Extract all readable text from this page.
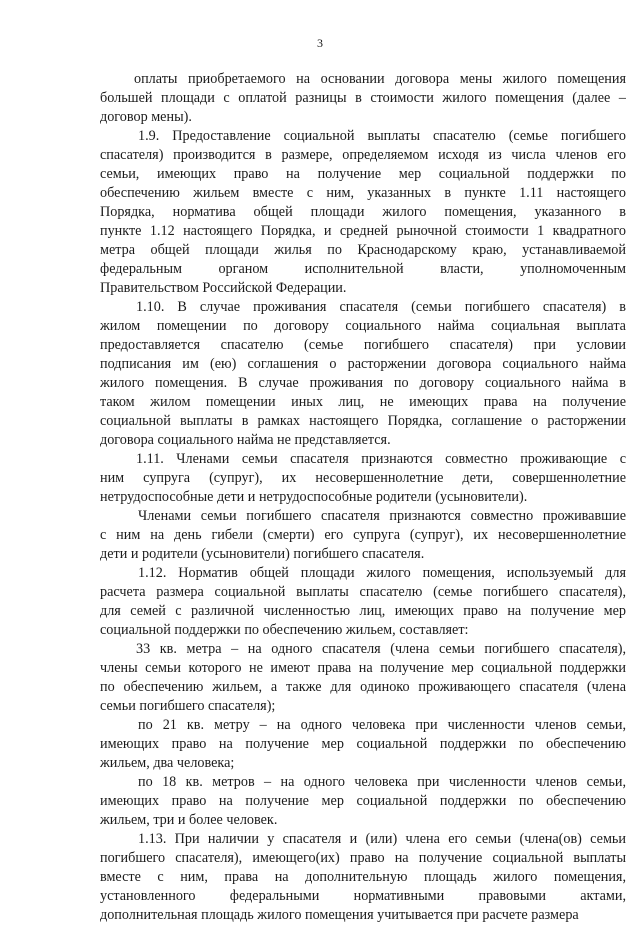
3
оплаты приобретаемого на основании договора мены жилого помещения
большей площади с оплатой разницы в стоимости жилого помещения (далее –
договор мены).
1.9. Предоставление социальной выплаты спасателю (семье погибшего
спасателя) производится в размере, определяемом исходя из числа членов его
семьи, имеющих право на получение мер социальной поддержки по
обеспечению жильем вместе с ним, указанных в пункте 1.11 настоящего
Порядка, норматива общей площади жилого помещения, указанного в
пункте 1.12 настоящего Порядка, и средней рыночной стоимости 1 квадратного
метра общей площади жилья по Краснодарскому краю, устанавливаемой
федеральным органом исполнительной власти, уполномоченным
Правительством Российской Федерации.
1.10. В случае проживания спасателя (семьи погибшего спасателя) в
жилом помещении по договору социального найма социальная выплата
предоставляется спасателю (семье погибшего спасателя) при условии
подписания им (ею) соглашения о расторжении договора социального найма
жилого помещения. В случае проживания по договору социального найма в
таком жилом помещении иных лиц, не имеющих права на получение
социальной выплаты в рамках настоящего Порядка, соглашение о расторжении
договора социального найма не представляется.
1.11. Членами семьи спасателя признаются совместно проживающие с
ним супруга (супруг), их несовершеннолетние дети, совершеннолетние
нетрудоспособные дети и нетрудоспособные родители (усыновители).
Членами семьи погибшего спасателя признаются совместно проживавшие
с ним на день гибели (смерти) его супруга (супруг), их несовершеннолетние
дети и родители (усыновители) погибшего спасателя.
1.12. Норматив общей площади жилого помещения, используемый для
расчета размера социальной выплаты спасателю (семье погибшего спасателя),
для семей с различной численностью лиц, имеющих право на получение мер
социальной поддержки по обеспечению жильем, составляет:
33 кв. метра – на одного спасателя (члена семьи погибшего спасателя),
члены семьи которого не имеют права на получение мер социальной поддержки
по обеспечению жильем, а также для одиноко проживающего спасателя (члена
семьи погибшего спасателя);
по 21 кв. метру – на одного человека при численности членов семьи,
имеющих право на получение мер социальной поддержки по обеспечению
жильем, два человека;
по 18 кв. метров – на одного человека при численности членов семьи,
имеющих право на получение мер социальной поддержки по обеспечению
жильем, три и более человек.
1.13. При наличии у спасателя и (или) члена его семьи (члена(ов) семьи
погибшего спасателя), имеющего(их) право на получение социальной выплаты
вместе с ним, права на дополнительную площадь жилого помещения,
установленного федеральными нормативными правовыми актами,
дополнительная площадь жилого помещения учитывается при расчете размера
